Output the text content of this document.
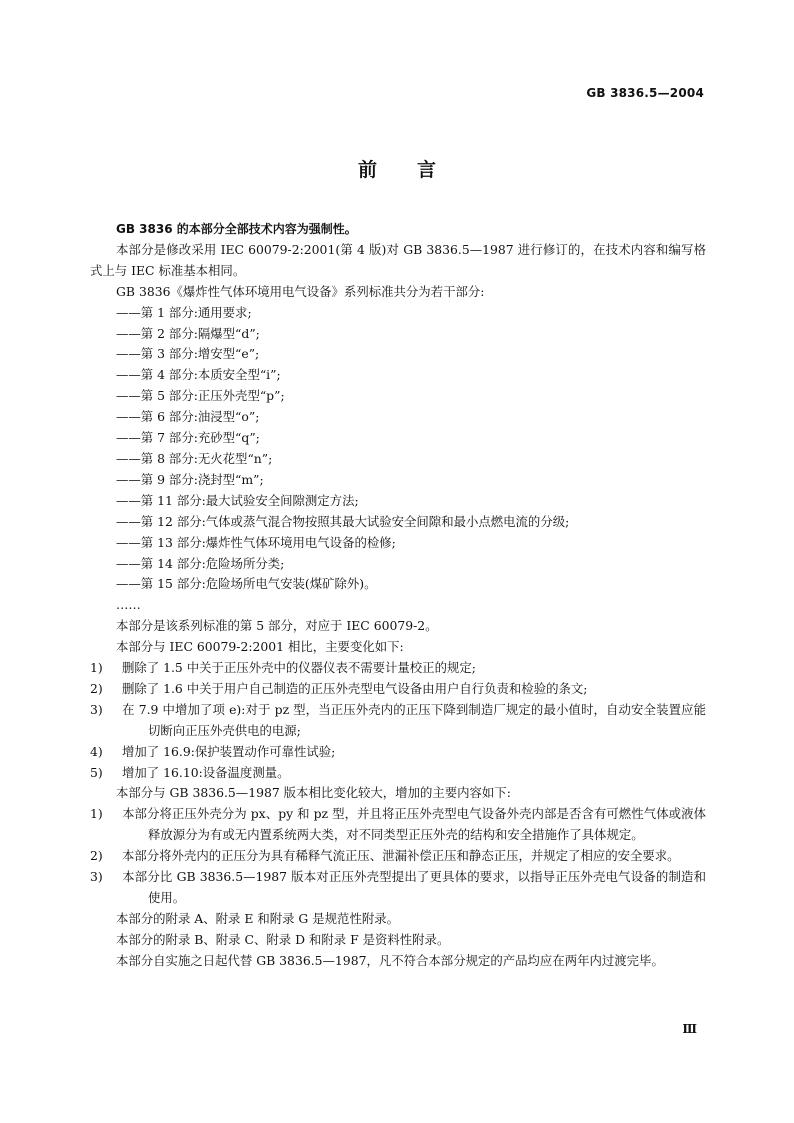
GB 3836.5—2004
前言

GB 3836 的本部分全部技术内容为强制性。

本部分是修改采用 IEC 60079-2:2001(第 4 版)对 GB 3836.5—1987 进行修订的，在技术内容和编写格式上与 IEC 标准基本相同。

GB 3836《爆炸性气体环境用电气设备》系列标准共分为若干部分:

——第 1 部分:通用要求;

——第 2 部分:隔爆型“d”;

——第 3 部分:增安型“e”;

——第 4 部分:本质安全型“i”;

——第 5 部分:正压外壳型“p”;

——第 6 部分:油浸型“o”;

——第 7 部分:充砂型“q”;

——第 8 部分:无火花型“n”;

——第 9 部分:浇封型“m”;

——第 11 部分:最大试验安全间隙测定方法;

——第 12 部分:气体或蒸气混合物按照其最大试验安全间隙和最小点燃电流的分级;

——第 13 部分:爆炸性气体环境用电气设备的检修;

——第 14 部分:危险场所分类;

——第 15 部分:危险场所电气安装(煤矿除外)。

……

本部分是该系列标准的第 5 部分，对应于 IEC 60079-2。

本部分与 IEC 60079-2:2001 相比，主要变化如下:

1) 删除了 1.5 中关于正压外壳中的仪器仪表不需要计量校正的规定;

2) 删除了 1.6 中关于用户自己制造的正压外壳型电气设备由用户自行负责和检验的条文;

3) 在 7.9 中增加了项 e):对于 pz 型，当正压外壳内的正压下降到制造厂规定的最小值时，自动安全装置应能切断向正压外壳供电的电源;

4) 增加了 16.9:保护装置动作可靠性试验;

5) 增加了 16.10:设备温度测量。

本部分与 GB 3836.5—1987 版本相比变化较大，增加的主要内容如下:

1) 本部分将正压外壳分为 px、py 和 pz 型，并且将正压外壳型电气设备外壳内部是否含有可燃性气体或液体释放源分为有或无内置系统两大类，对不同类型正压外壳的结构和安全措施作了具体规定。

2) 本部分将外壳内的正压分为具有稀释气流正压、泄漏补偿正压和静态正压，并规定了相应的安全要求。

3) 本部分比 GB 3836.5—1987 版本对正压外壳型提出了更具体的要求，以指导正压外壳电气设备的制造和使用。

本部分的附录 A、附录 E 和附录 G 是规范性附录。

本部分的附录 B、附录 C、附录 D 和附录 F 是资料性附录。

本部分自实施之日起代替 GB 3836.5—1987，凡不符合本部分规定的产品均应在两年内过渡完毕。

Ⅲ
